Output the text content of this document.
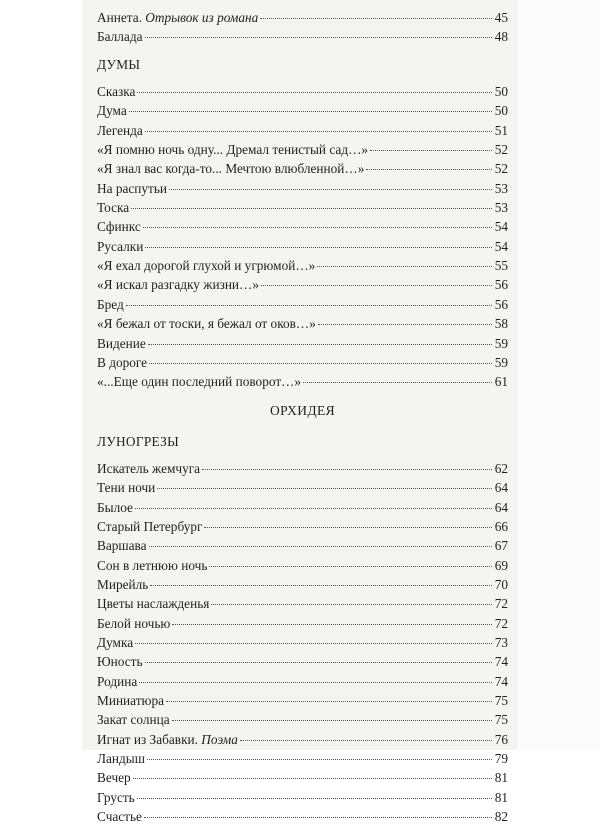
Аннета. Отрывок из романа	45
Баллада	48
ДУМЫ
Сказка	50
Дума	50
Легенда	51
«Я помню ночь одну... Дремал тенистый сад…»	52
«Я знал вас когда-то... Мечтою влюбленной…»	52
На распутьи	53
Тоска	53
Сфинкс	54
Русалки	54
«Я ехал дорогой глухой и угрюмой…»	55
«Я искал разгадку жизни…»	56
Бред	56
«Я бежал от тоски, я бежал от оков…»	58
Видение	59
В дороге	59
«...Еще один последний поворот…»	61
ОРХИДЕЯ
ЛУНОГРЕЗЫ
Искатель жемчуга	62
Тени ночи	64
Былое	64
Старый Петербург	66
Варшава	67
Сон в летнюю ночь	69
Мирейль	70
Цветы наслажденья	72
Белой ночью	72
Думка	73
Юность	74
Родина	74
Миниатюра	75
Закат солнца	75
Игнат из Забавки. Поэма	76
Ландыш	79
Вечер	81
Грусть	81
Счастье	82
